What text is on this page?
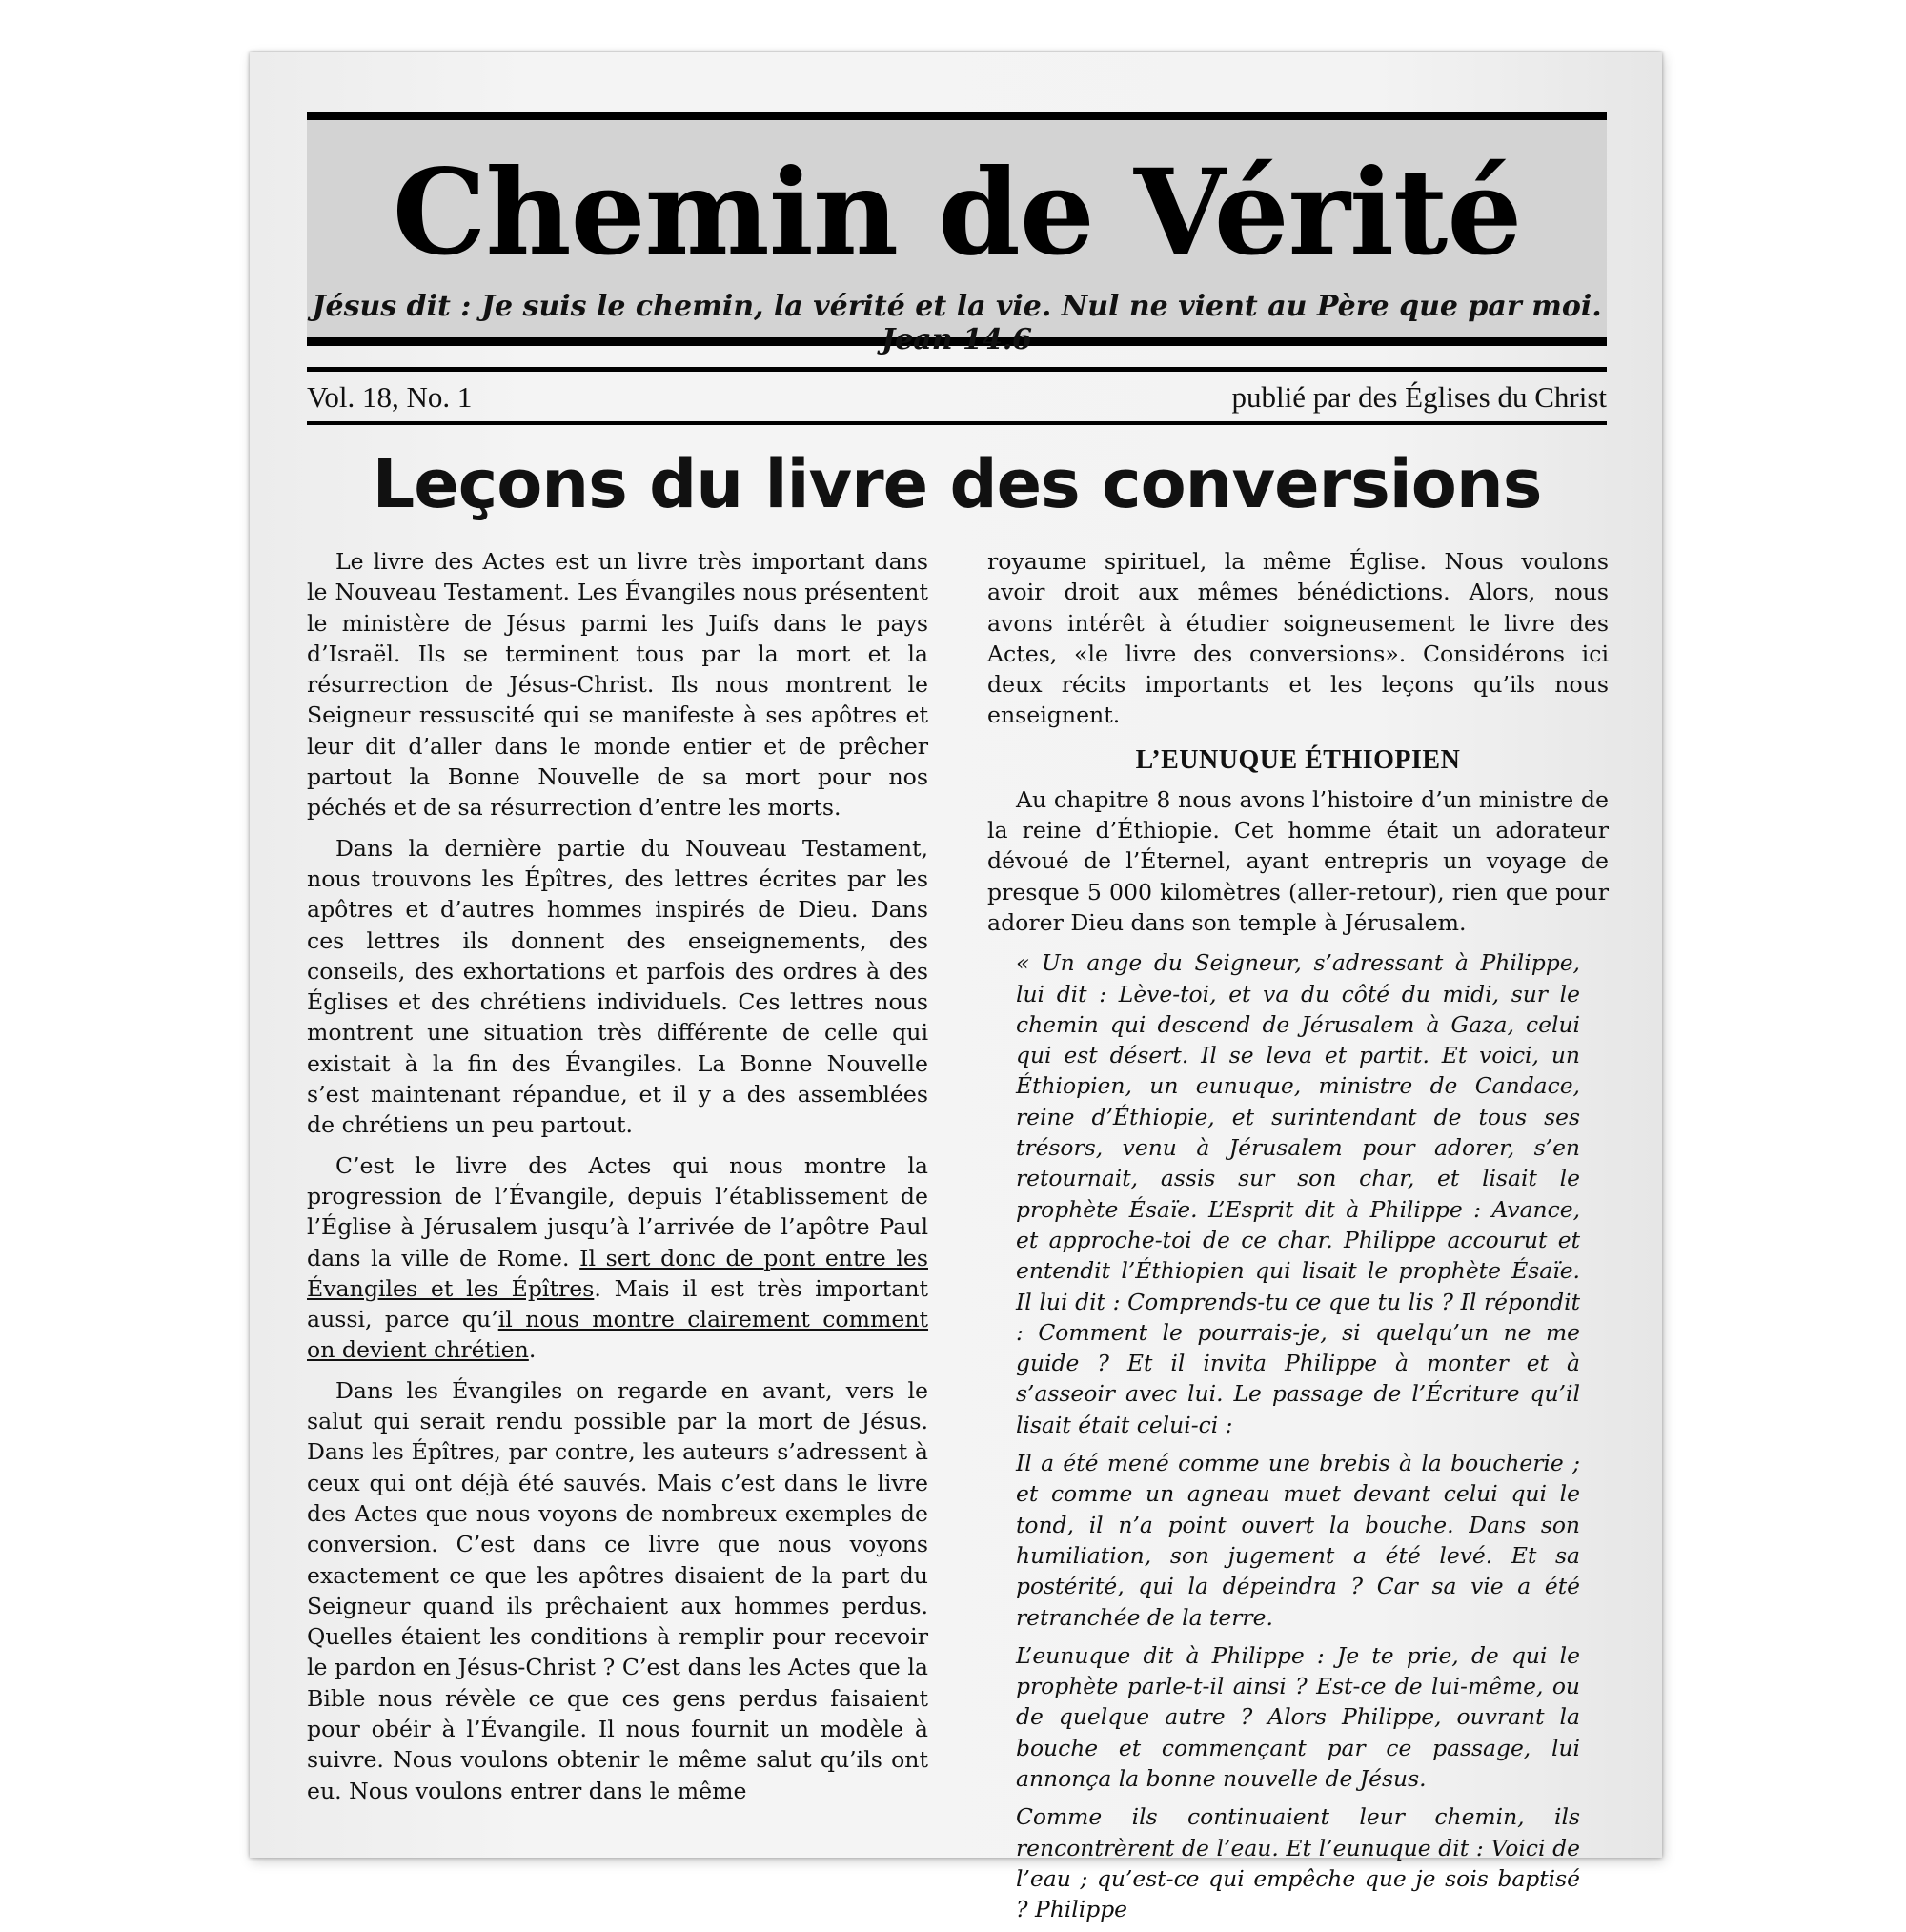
Chemin de Vérité
Jésus dit : Je suis le chemin, la vérité et la vie. Nul ne vient au Père que par moi. Jean 14.6
Vol. 18, No. 1	publié par des Églises du Christ
Leçons du livre des conversions

Le livre des Actes est un livre très important dans le Nouveau Testament. Les Évangiles nous présentent le ministère de Jésus parmi les Juifs dans le pays d’Israël. Ils se terminent tous par la mort et la résurrection de Jésus-Christ. Ils nous montrent le Seigneur ressuscité qui se manifeste à ses apôtres et leur dit d’aller dans le monde entier et de prêcher partout la Bonne Nouvelle de sa mort pour nos péchés et de sa résurrection d’entre les morts.

Dans la dernière partie du Nouveau Testament, nous trouvons les Épîtres, des lettres écrites par les apôtres et d’autres hommes inspirés de Dieu. Dans ces lettres ils donnent des enseignements, des conseils, des exhortations et parfois des ordres à des Églises et des chrétiens individuels. Ces lettres nous montrent une situation très différente de celle qui existait à la fin des Évangiles. La Bonne Nouvelle s’est maintenant répandue, et il y a des assemblées de chrétiens un peu partout.

C’est le livre des Actes qui nous montre la progression de l’Évangile, depuis l’établissement de l’Église à Jérusalem jusqu’à l’arrivée de l’apôtre Paul dans la ville de Rome. Il sert donc de pont entre les Évangiles et les Épîtres. Mais il est très important aussi, parce qu’il nous montre clairement comment on devient chrétien.

Dans les Évangiles on regarde en avant, vers le salut qui serait rendu possible par la mort de Jésus. Dans les Épîtres, par contre, les auteurs s’adressent à ceux qui ont déjà été sauvés. Mais c’est dans le livre des Actes que nous voyons de nombreux exemples de conversion. C’est dans ce livre que nous voyons exactement ce que les apôtres disaient de la part du Seigneur quand ils prêchaient aux hommes perdus. Quelles étaient les conditions à remplir pour recevoir le pardon en Jésus-Christ ? C’est dans les Actes que la Bible nous révèle ce que ces gens perdus faisaient pour obéir à l’Évangile. Il nous fournit un modèle à suivre. Nous voulons obtenir le même salut qu’ils ont eu. Nous voulons entrer dans le même

royaume spirituel, la même Église. Nous voulons avoir droit aux mêmes bénédictions. Alors, nous avons intérêt à étudier soigneusement le livre des Actes, «le livre des conversions». Considérons ici deux récits importants et les leçons qu’ils nous enseignent.

L’EUNUQUE ÉTHIOPIEN

Au chapitre 8 nous avons l’histoire d’un ministre de la reine d’Éthiopie. Cet homme était un adorateur dévoué de l’Éternel, ayant entrepris un voyage de presque 5 000 kilomètres (aller-retour), rien que pour adorer Dieu dans son temple à Jérusalem.

« Un ange du Seigneur, s’adressant à Philippe, lui dit : Lève-toi, et va du côté du midi, sur le chemin qui descend de Jérusalem à Gaza, celui qui est désert. Il se leva et partit. Et voici, un Éthiopien, un eunuque, ministre de Candace, reine d’Éthiopie, et surintendant de tous ses trésors, venu à Jérusalem pour adorer, s’en retournait, assis sur son char, et lisait le prophète Ésaïe. L’Esprit dit à Philippe : Avance, et approche-toi de ce char. Philippe accourut et entendit l’Éthiopien qui lisait le prophète Ésaïe. Il lui dit : Comprends-tu ce que tu lis ? Il répondit : Comment le pourrais-je, si quelqu’un ne me guide ? Et il invita Philippe à monter et à s’asseoir avec lui. Le passage de l’Écriture qu’il lisait était celui-ci :

Il a été mené comme une brebis à la boucherie ; et comme un agneau muet devant celui qui le tond, il n’a point ouvert la bouche. Dans son humiliation, son jugement a été levé. Et sa postérité, qui la dépeindra ? Car sa vie a été retranchée de la terre.

L’eunuque dit à Philippe : Je te prie, de qui le prophète parle-t-il ainsi ? Est-ce de lui-même, ou de quelque autre ? Alors Philippe, ouvrant la bouche et commençant par ce passage, lui annonça la bonne nouvelle de Jésus.

Comme ils continuaient leur chemin, ils rencontrèrent de l’eau. Et l’eunuque dit : Voici de l’eau ; qu’est-ce qui empêche que je sois baptisé ? Philippe
